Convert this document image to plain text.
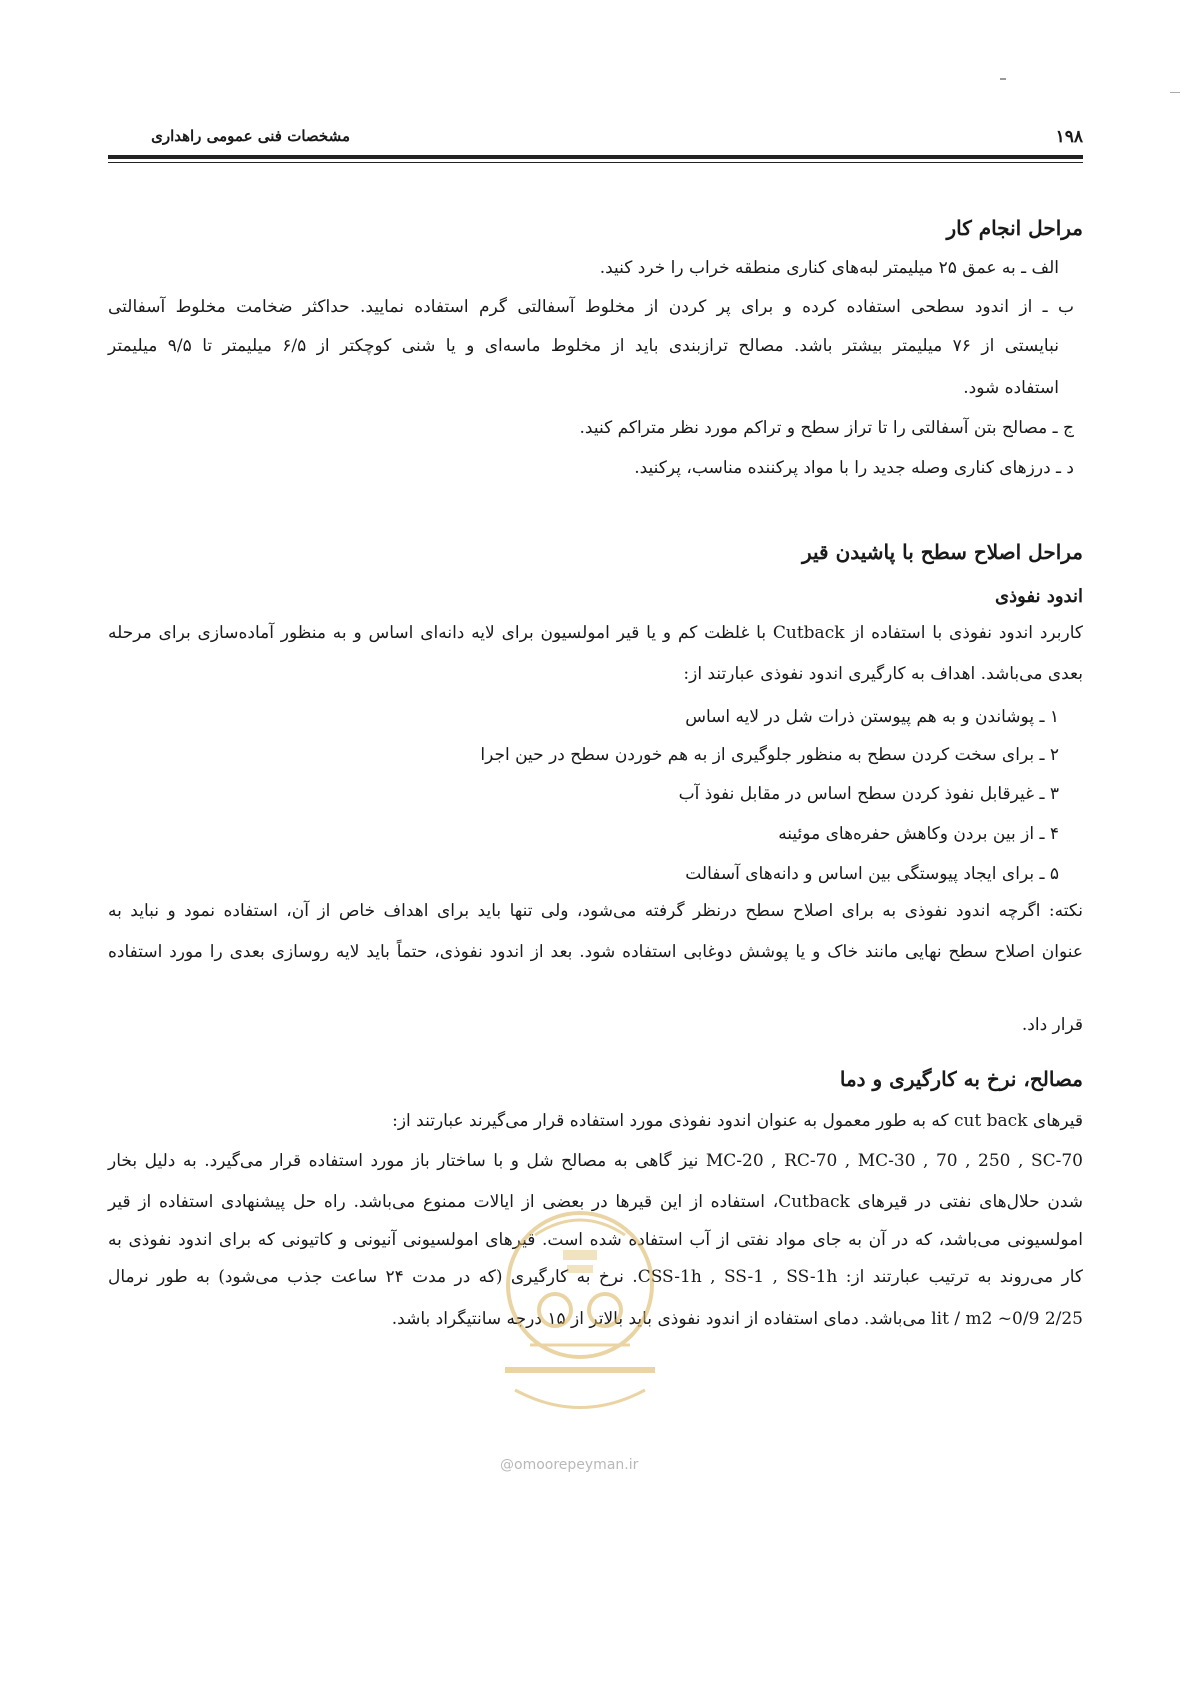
مشخصات فنی عمومی راهداری	۱۹۸
مراحل انجام کار
الف ـ به عمق ۲۵ میلیمتر لبه‌های کناری منطقه خراب را خرد کنید.
ب ـ از اندود سطحی استفاده کرده و برای پر کردن از مخلوط آسفالتی گرم استفاده نمایید. حداکثر ضخامت مخلوط آسفالتی
نبایستی از ۷۶ میلیمتر بیشتر باشد. مصالح ترازبندی باید از مخلوط ماسه‌ای و یا شنی کوچکتر از ۶/۵ میلیمتر تا ۹/۵ میلیمتر
استفاده شود.
ج ـ مصالح بتن آسفالتی را تا تراز سطح و تراکم مورد نظر متراکم کنید.
د ـ درزهای کناری وصله جدید را با مواد پرکننده مناسب، پرکنید.
مراحل اصلاح سطح با پاشیدن قیر
اندود نفوذی
کاربرد اندود نفوذی با استفاده از Cutback با غلظت کم و یا قیر امولسیون برای لایه دانه‌ای اساس و به منظور آماده‌سازی برای مرحله
بعدی می‌باشد. اهداف به کارگیری اندود نفوذی عبارتند از:
۱ ـ پوشاندن و به هم پیوستن ذرات شل در لایه اساس
۲ ـ برای سخت کردن سطح به منظور جلوگیری از به هم خوردن سطح در حین اجرا
۳ ـ غیرقابل نفوذ کردن سطح اساس در مقابل نفوذ آب
۴ ـ از بین بردن وکاهش حفره‌های موئینه
۵ ـ برای ایجاد پیوستگی بین اساس و دانه‌های آسفالت
نکته: اگرچه اندود نفوذی به برای اصلاح سطح درنظر گرفته می‌شود، ولی تنها باید برای اهداف خاص از آن، استفاده نمود و نباید به
عنوان اصلاح سطح نهایی مانند خاک و یا پوشش دوغابی استفاده شود. بعد از اندود نفوذی، حتماً باید لایه روسازی بعدی را مورد استفاده
قرار داد.
مصالح، نرخ به کارگیری و دما
قیرهای cut back که به طور معمول به عنوان اندود نفوذی مورد استفاده قرار می‌گیرند عبارتند از:
MC-20 , RC-70 , MC-30 , 70 , 250 , SC-70 نیز گاهی به مصالح شل و با ساختار باز مورد استفاده قرار می‌گیرد. به دلیل بخار
شدن حلال‌های نفتی در قیرهای Cutback، استفاده از این قیرها در بعضی از ایالات ممنوع می‌باشد. راه حل پیشنهادی استفاده از قیر
امولسیونی می‌باشد، که در آن به جای مواد نفتی از آب استفاده شده است. قیرهای امولسیونی آنیونی و کاتیونی که برای اندود نفوذی به
کار می‌روند به ترتیب عبارتند از: CSS-1h , SS-1 , SS-1h. نرخ به کارگیری (که در مدت ۲۴ ساعت جذب می‌شود) به طور نرمال
2/25 lit / m2 ~0/9 می‌باشد. دمای استفاده از اندود نفوذی باید بالاتر از ۱۵ درجه سانتیگراد باشد.
@omoorepeyman.ir
